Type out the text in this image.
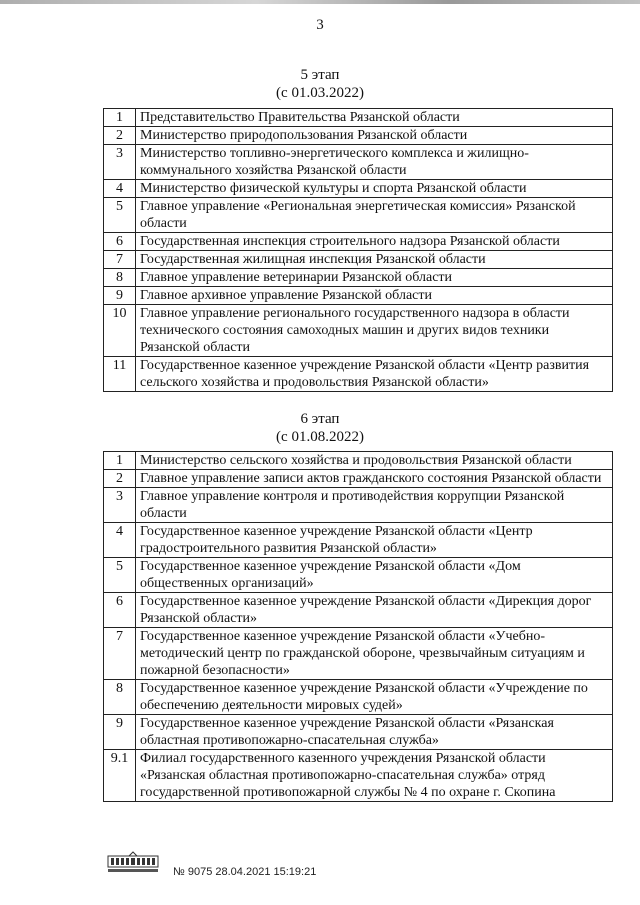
3
5 этап
(с 01.03.2022)
1	Представительство Правительства Рязанской области
2	Министерство природопользования Рязанской области
3	Министерство топливно-энергетического комплекса и жилищно-коммунального хозяйства Рязанской области
4	Министерство физической культуры и спорта Рязанской области
5	Главное управление «Региональная энергетическая комиссия» Рязанской области
6	Государственная инспекция строительного надзора Рязанской области
7	Государственная жилищная инспекция Рязанской области
8	Главное управление ветеринарии Рязанской области
9	Главное архивное управление Рязанской области
10	Главное управление регионального государственного надзора в области технического состояния самоходных машин и других видов техники Рязанской области
11	Государственное казенное учреждение Рязанской области «Центр развития сельского хозяйства и продовольствия Рязанской области»
6 этап
(с 01.08.2022)
1	Министерство сельского хозяйства и продовольствия Рязанской области
2	Главное управление записи актов гражданского состояния Рязанской области
3	Главное управление контроля и противодействия коррупции Рязанской области
4	Государственное казенное учреждение Рязанской области «Центр градостроительного развития Рязанской области»
5	Государственное казенное учреждение Рязанской области «Дом общественных организаций»
6	Государственное казенное учреждение Рязанской области «Дирекция дорог Рязанской области»
7	Государственное казенное учреждение Рязанской области «Учебно-методический центр по гражданской обороне, чрезвычайным ситуациям и пожарной безопасности»
8	Государственное казенное учреждение Рязанской области «Учреждение по обеспечению деятельности мировых судей»
9	Государственное казенное учреждение Рязанской области «Рязанская областная противопожарно-спасательная служба»
9.1	Филиал государственного казенного учреждения Рязанской области «Рязанская областная противопожарно-спасательная служба» отряд государственной противопожарной службы № 4 по охране г. Скопина
№ 9075 28.04.2021 15:19:21
